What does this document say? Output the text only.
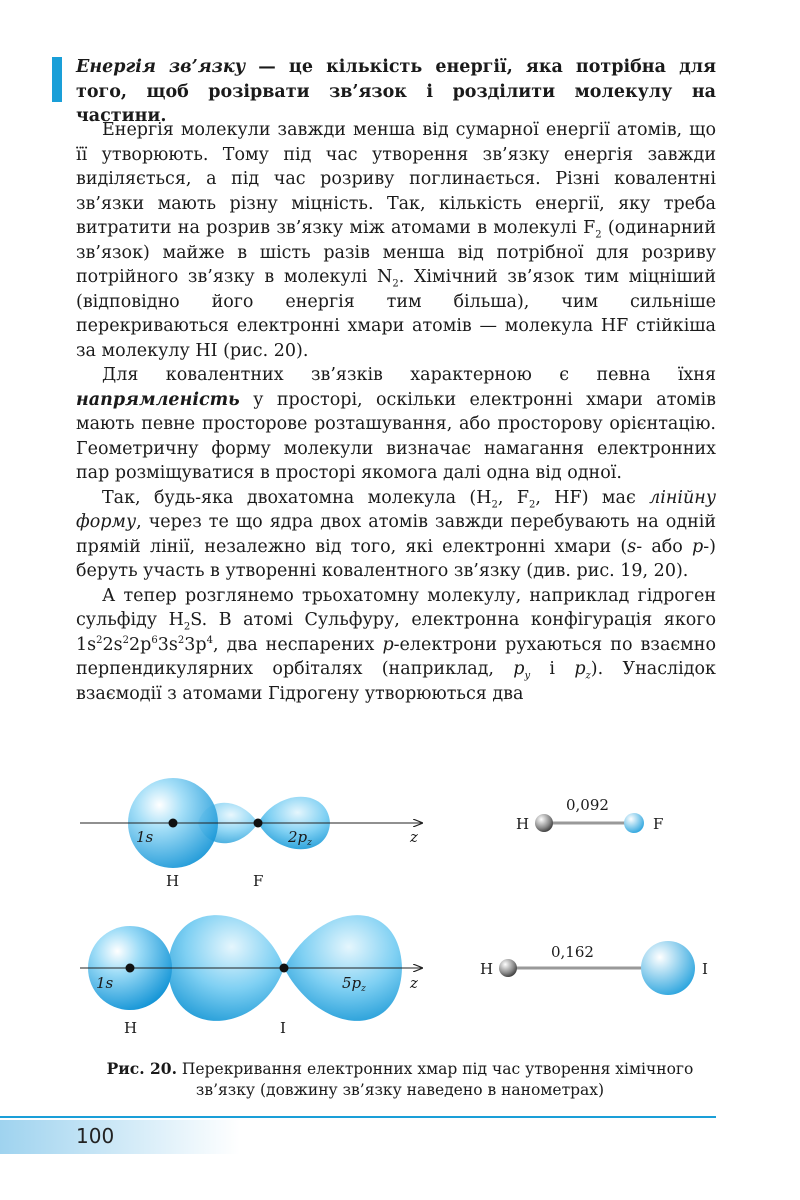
Енергія зв’язку — це кількість енергії, яка потрібна для того, щоб розірвати зв’язок і розділити молекулу на частини.

Енергія молекули завжди менша від сумарної енергії атомів, що її утворюють. Тому під час утворення зв’язку енергія завжди виділяється, а під час розриву поглинається. Різні ковалентні зв’язки мають різну міцність. Так, кількість енергії, яку треба витратити на розрив зв’язку між атомами в молекулі $F_2$ (одинарний зв’язок) майже в шість разів менша від потрібної для розриву потрійного зв’язку в молекулі $N_2$. Хімічний зв’язок тим міцніший (відповідно його енергія тим більша), чим сильніше перекриваються електронні хмари атомів — молекула HF стійкіша за молекулу HI (рис. 20).

Для ковалентних зв’язків характерною є певна їхня напрямленість у просторі, оскільки електронні хмари атомів мають певне просторове розташування, або просторову орієнтацію. Геометричну форму молекули визначає намагання електронних пар розміщуватися в просторі якомога далі одна від одної.

Так, будь-яка двохатомна молекула ($H_2$, $F_2$, HF) має лінійну форму, через те що ядра двох атомів завжди перебувають на одній прямій лінії, незалежно від того, які електронні хмари (s- або p-) беруть участь в утворенні ковалентного зв’язку (див. рис. 19, 20).

А тепер розглянемо трьохатомну молекулу, наприклад гідроген сульфіду $H_2S$. В атомі Сульфуру, електронна конфігурація якого $1s^22s^22p^63s^23p^4$, два неспарених p-електрони рухаються по взаємно перпендикулярних орбіталях (наприклад, $p_y$ і $p_z$). Унаслідок взаємодії з атомами Гідрогену утворюються два

1s	$2p_z$	z
H	F
H	F
0,092
1s	$5p_z$	z
H	I
H	I
0,162
Рис. 20. Перекривання електронних хмар під час утворення хімічного зв’язку (довжину зв’язку наведено в нанометрах)
100
